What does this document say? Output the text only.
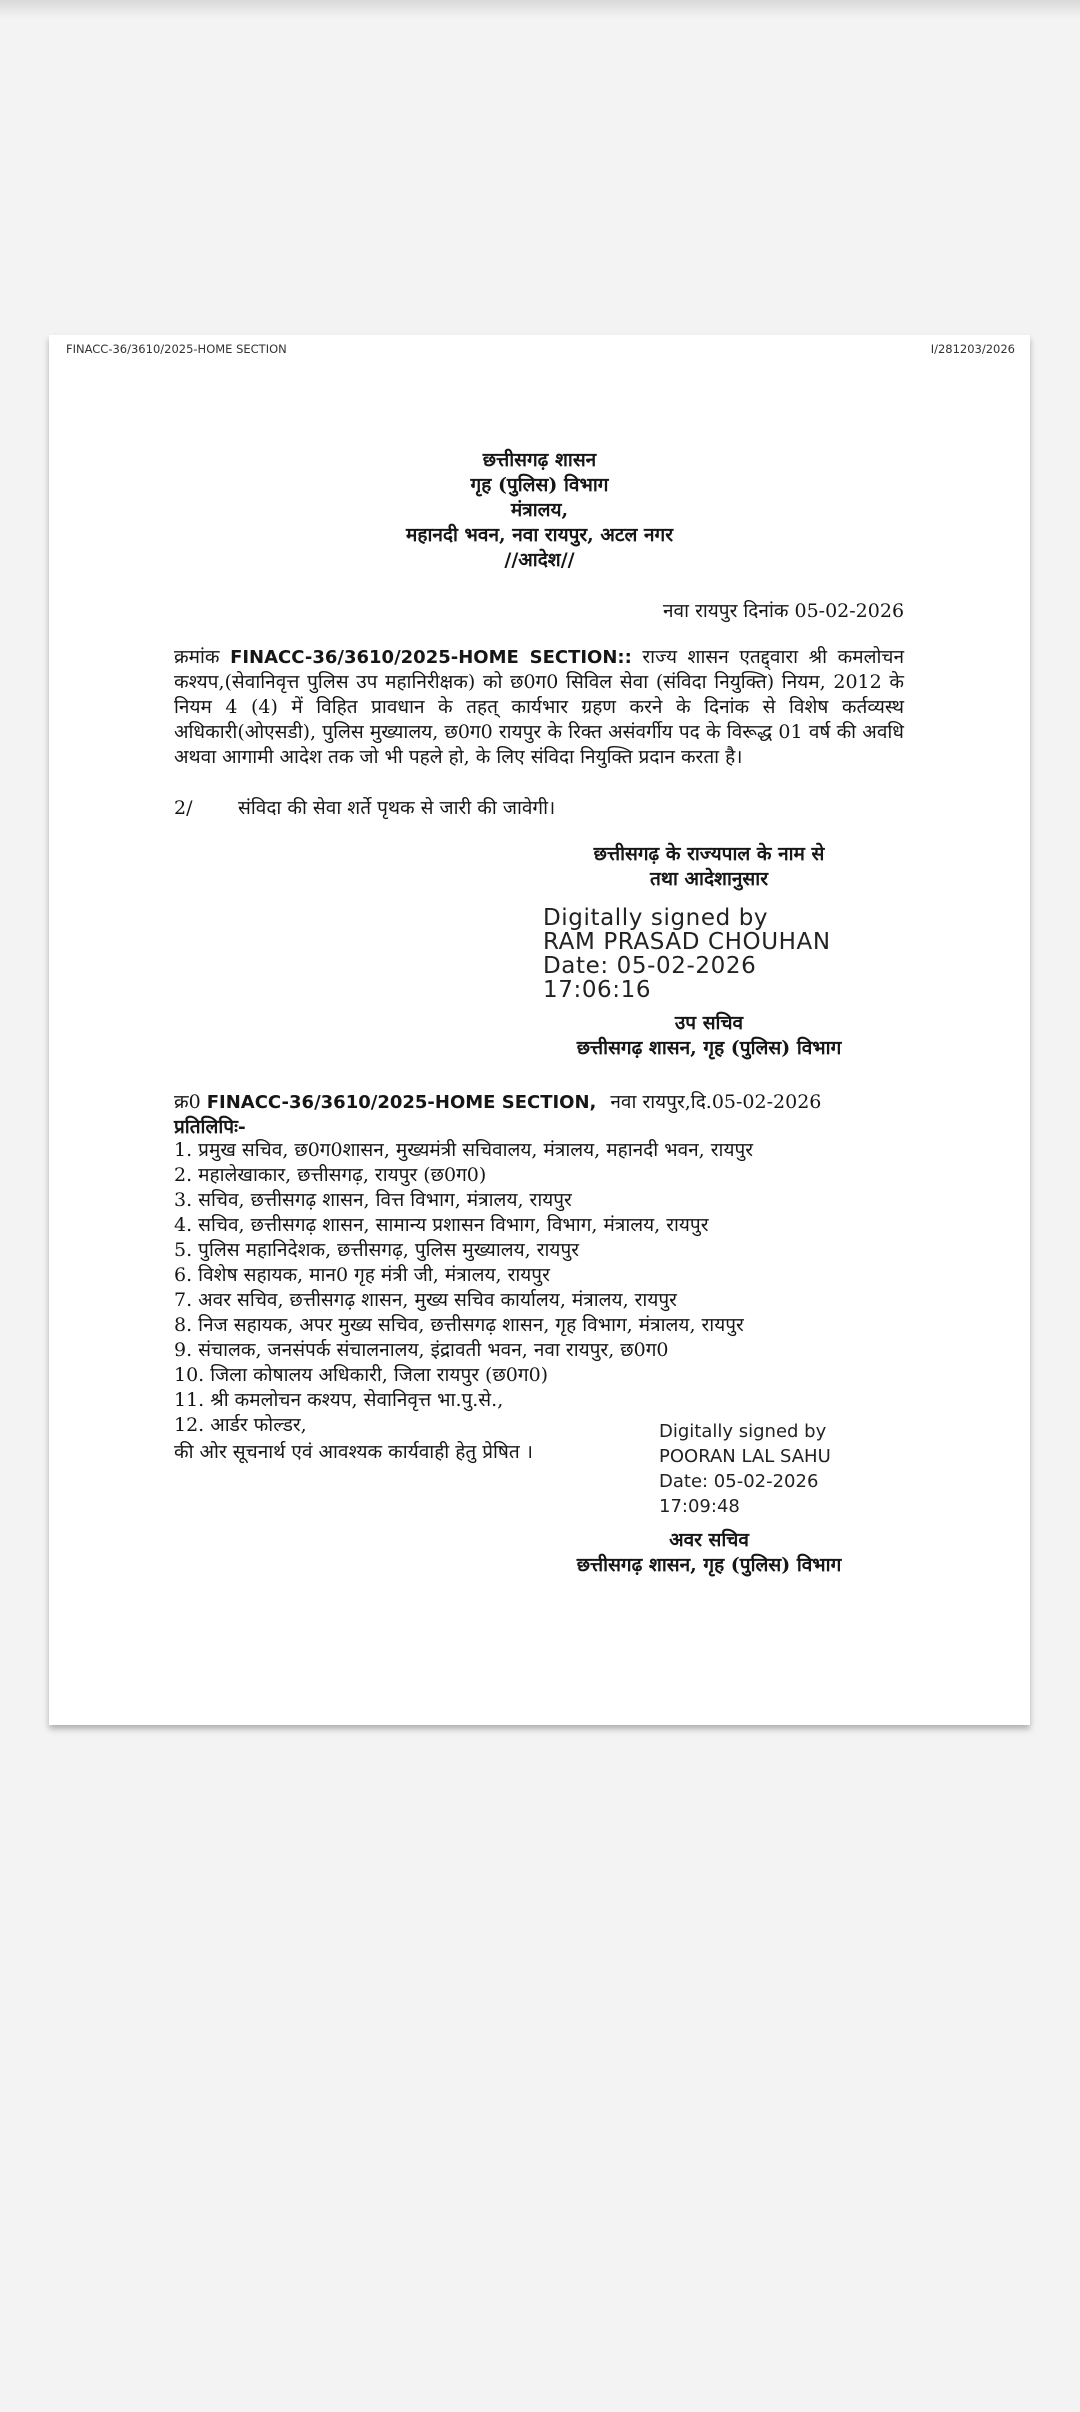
FINACC-36/3610/2025-HOME SECTION	I/281203/2026
छत्तीसगढ़ शासन
गृह (पुलिस) विभाग
मंत्रालय,
महानदी भवन, नवा रायपुर, अटल नगर
//आदेश//
नवा रायपुर दिनांक 05-02-2026
क्रमांक FINACC-36/3610/2025-HOME SECTION:: राज्य शासन एतद्द्वारा श्री कमलोचन कश्यप,(सेवानिवृत्त पुलिस उप महानिरीक्षक) को छ0ग0 सिविल सेवा (संविदा नियुक्ति) नियम, 2012 के नियम 4 (4) में विहित प्रावधान के तहत् कार्यभार ग्रहण करने के दिनांक से विशेष कर्तव्यस्थ अधिकारी(ओएसडी), पुलिस मुख्यालय, छ0ग0 रायपुर के रिक्त असंवर्गीय पद के विरूद्ध 01 वर्ष की अवधि अथवा आगामी आदेश तक जो भी पहले हो, के लिए संविदा नियुक्ति प्रदान करता है।
2/ संविदा की सेवा शर्ते पृथक से जारी की जावेगी।
छत्तीसगढ़ के राज्यपाल के नाम से
तथा आदेशानुसार
Digitally signed by
RAM PRASAD CHOUHAN
Date: 05-02-2026
17:06:16
उप सचिव
छत्तीसगढ़ शासन, गृह (पुलिस) विभाग
क्र0 FINACC-36/3610/2025-HOME SECTION, नवा रायपुर,दि.05-02-2026
प्रतिलिपिः-
1. प्रमुख सचिव, छ0ग0शासन, मुख्यमंत्री सचिवालय, मंत्रालय, महानदी भवन, रायपुर
2. महालेखाकार, छत्तीसगढ़, रायपुर (छ0ग0)
3. सचिव, छत्तीसगढ़ शासन, वित्त विभाग, मंत्रालय, रायपुर
4. सचिव, छत्तीसगढ़ शासन, सामान्य प्रशासन विभाग, विभाग, मंत्रालय, रायपुर
5. पुलिस महानिदेशक, छत्तीसगढ़, पुलिस मुख्यालय, रायपुर
6. विशेष सहायक, मान0 गृह मंत्री जी, मंत्रालय, रायपुर
7. अवर सचिव, छत्तीसगढ़ शासन, मुख्य सचिव कार्यालय, मंत्रालय, रायपुर
8. निज सहायक, अपर मुख्य सचिव, छत्तीसगढ़ शासन, गृह विभाग, मंत्रालय, रायपुर
9. संचालक, जनसंपर्क संचालनालय, इंद्रावती भवन, नवा रायपुर, छ0ग0
10. जिला कोषालय अधिकारी, जिला रायपुर (छ0ग0)
11. श्री कमलोचन कश्यप, सेवानिवृत्त भा.पु.से.,
12. आर्डर फोल्डर,
की ओर सूचनार्थ एवं आवश्यक कार्यवाही हेतु प्रेषित ।
Digitally signed by
POORAN LAL SAHU
Date: 05-02-2026
17:09:48
अवर सचिव
छत्तीसगढ़ शासन, गृह (पुलिस) विभाग
